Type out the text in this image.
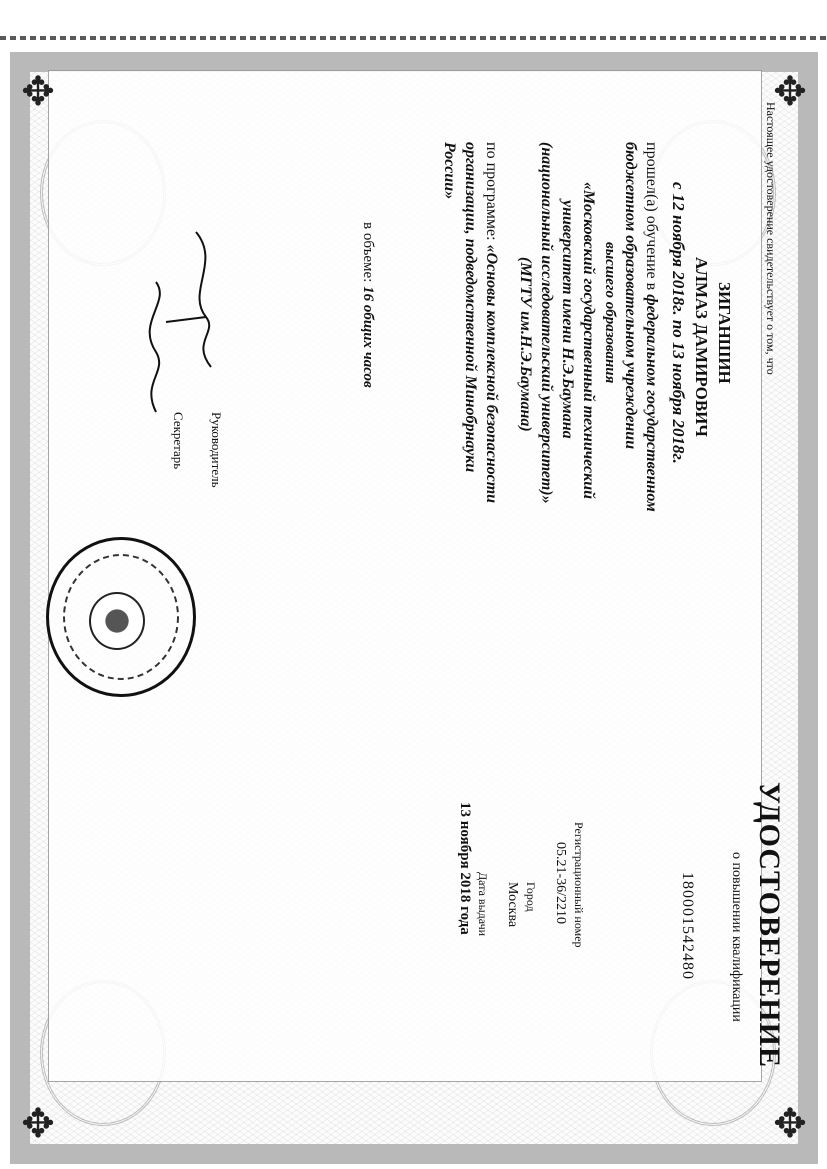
✥	✥
✥	✥
Настоящее удостоверение свидетельствует о том, что
ЗИГАНШИН
АЛМАЗ ДАМИРОВИЧ
с 12 ноября 2018г. по 13 ноября 2018г.
прошел(а) обучение в федеральном государственном
бюджетном образовательном учреждении
высшего образования
«Московский государственный технический
университет имени Н.Э.Баумана
(национальный исследовательский университет)»
(МГТУ им.Н.Э.Баумана)
по программе: «Основы комплексной безопасности
организации, подведомственной Минобрнауки
России»
в объеме: 16 общих часов
Руководитель
Секретарь
УДОСТОВЕРЕНИЕ
о повышении квалификации
180001542480
Регистрационный номер
05.21-36/2210
Город
Москва
Дата выдачи
13 ноября 2018 года
